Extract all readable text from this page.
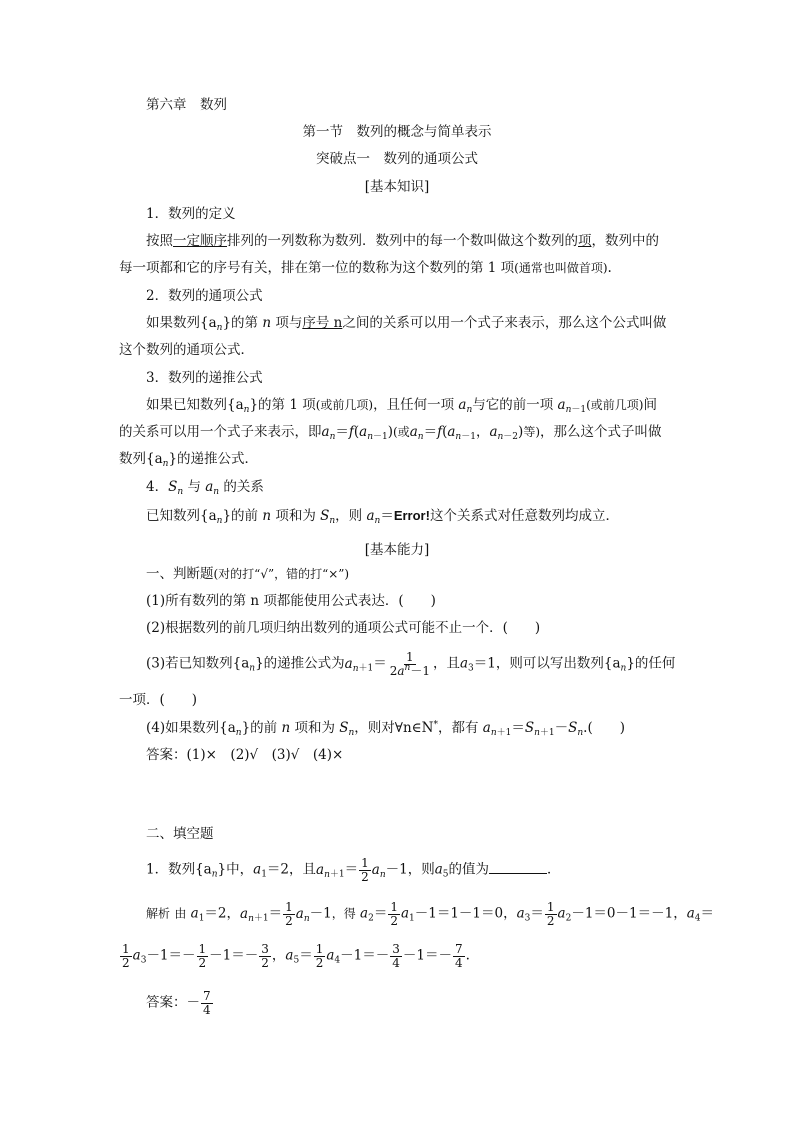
第六章　数列
第一节　数列的概念与简单表示
突破点一　数列的通项公式
[基本知识]
1．数列的定义
按照一定顺序排列的一列数称为数列．数列中的每一个数叫做这个数列的项，数列中的
每一项都和它的序号有关，排在第一位的数称为这个数列的第 1 项(通常也叫做首项).
2．数列的通项公式
如果数列$\{a_n\}$的第 n 项与序号 n之间的关系可以用一个式子来表示，那么这个公式叫做
这个数列的通项公式．
3．数列的递推公式
如果已知数列$\{a_n\}$的第 1 项(或前几项)，且任何一项 $a_n$与它的前一项 $a_{n-1}$(或前几项)间
的关系可以用一个式子来表示，即$a_n=f(a_{n-1})$(或$a_n=f(a_{n-1}$，$a_{n-2}$)等)，那么这个式子叫做
数列$\{a_n\}$的递推公式．
4．$S_n$ 与 $a_n$ 的关系
已知数列$\{a_n\}$的前 n 项和为 $S_n$，则 $a_n=Error$!这个关系式对任意数列均成立．
[基本能力]
一、判断题(对的打“√”，错的打“×”)
(1)所有数列的第 n 项都能使用公式表达．(　　)
(2)根据数列的前几项归纳出数列的通项公式可能不止一个．(　　)
(3)若已知数列$\{a_n\}$的递推公式为$a_{n+1}= \frac{1}{2a^n-1}$ ，且$a_3=1$，则可以写出数列$\{a_n\}$的任何
一项．(　　)
(4)如果数列$\{a_n\}$的前 n 项和为 $S_n$，则对∀n∈N*，都有 $a_{n+1}=S_{n+1}-S_n$.(　　)
答案：(1)×　(2)√　(3)√　(4)×
二、填空题
1．数列$\{a_n\}$中，$a_1=2$，且$a_{n+1}= \frac{1}{2} a_n-1$，则$a_5$的值为	．
解析 由 $a_1=2$，$a_{n+1}= \frac{1}{2} a_n-1$，得 $a_2= \frac{1}{2} a_1-1=1-1=0$，$a_3= \frac{1}{2} a_2-1=0-1=-1$，$a_4=$
$\frac{1}{2} a_3-1=- \frac{1}{2} -1=- \frac{3}{2}$ ，$a_5= \frac{1}{2} a_4-1=- \frac{3}{4} -1=- \frac{7}{4}$ .
答案：－ $\frac{7}{4}$
